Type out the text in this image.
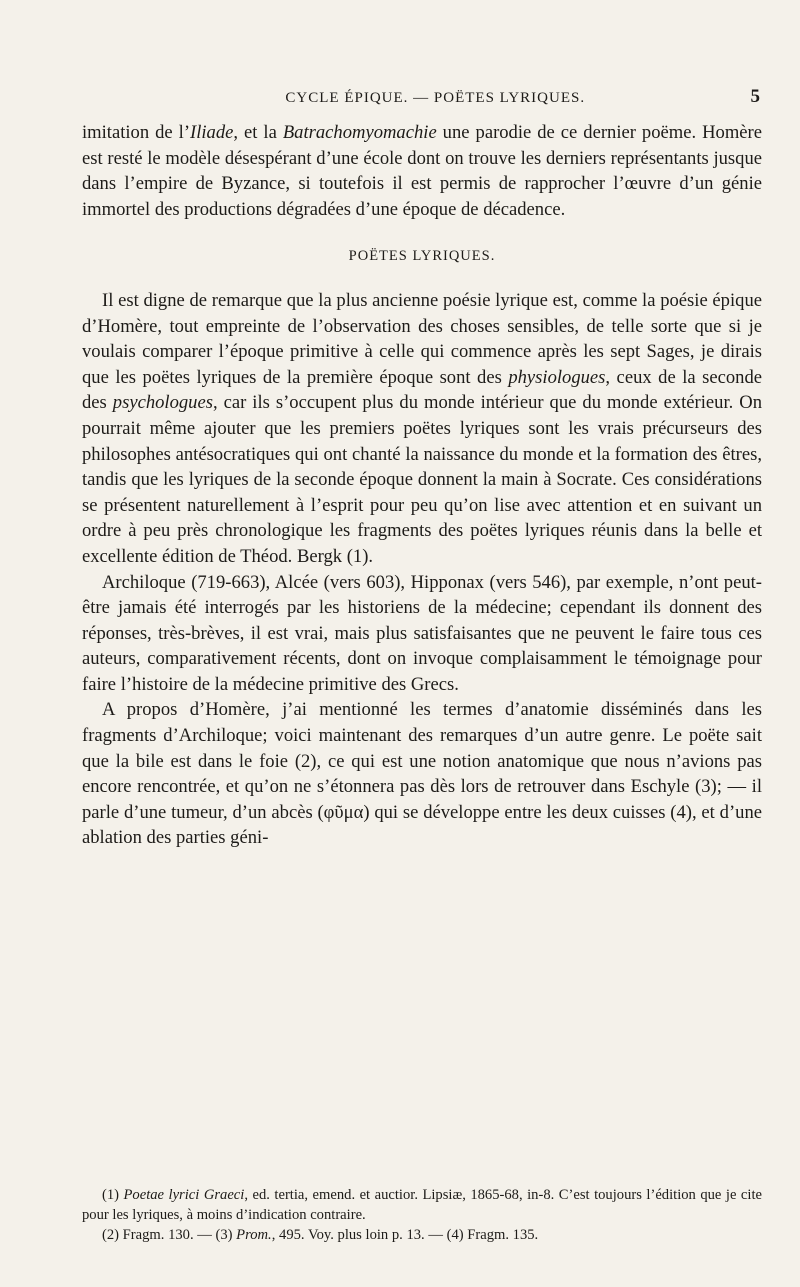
CYCLE ÉPIQUE. — POËTES LYRIQUES.	5

imitation de l’Iliade, et la Batrachomyomachie une parodie de ce dernier poëme. Homère est resté le modèle désespérant d’une école dont on trouve les derniers représentants jusque dans l’empire de Byzance, si toutefois il est permis de rapprocher l’œuvre d’un génie immortel des productions dégradées d’une époque de décadence.

POËTES LYRIQUES.

Il est digne de remarque que la plus ancienne poésie lyrique est, comme la poésie épique d’Homère, tout empreinte de l’observation des choses sensibles, de telle sorte que si je voulais comparer l’époque primitive à celle qui commence après les sept Sages, je dirais que les poëtes lyriques de la première époque sont des physiologues, ceux de la seconde des psychologues, car ils s’occupent plus du monde intérieur que du monde extérieur. On pourrait même ajouter que les premiers poëtes lyriques sont les vrais précurseurs des philosophes antésocratiques qui ont chanté la naissance du monde et la formation des êtres, tandis que les lyriques de la seconde époque donnent la main à Socrate. Ces considérations se présentent naturellement à l’esprit pour peu qu’on lise avec attention et en suivant un ordre à peu près chronologique les fragments des poëtes lyriques réunis dans la belle et excellente édition de Théod. Bergk (1).

Archiloque (719-663), Alcée (vers 603), Hipponax (vers 546), par exemple, n’ont peut-être jamais été interrogés par les historiens de la médecine; cependant ils donnent des réponses, très-brèves, il est vrai, mais plus satisfaisantes que ne peuvent le faire tous ces auteurs, comparativement récents, dont on invoque complaisamment le témoignage pour faire l’histoire de la médecine primitive des Grecs.

A propos d’Homère, j’ai mentionné les termes d’anatomie disséminés dans les fragments d’Archiloque; voici maintenant des remarques d’un autre genre. Le poëte sait que la bile est dans le foie (2), ce qui est une notion anatomique que nous n’avions pas encore rencontrée, et qu’on ne s’étonnera pas dès lors de retrouver dans Eschyle (3); — il parle d’une tumeur, d’un abcès (φῦμα) qui se développe entre les deux cuisses (4), et d’une ablation des parties géni-

(1) Poetae lyrici Graeci, ed. tertia, emend. et auctior. Lipsiæ, 1865-68, in-8. C’est toujours l’édition que je cite pour les lyriques, à moins d’indication contraire.

(2) Fragm. 130. — (3) Prom., 495. Voy. plus loin p. 13. — (4) Fragm. 135.
